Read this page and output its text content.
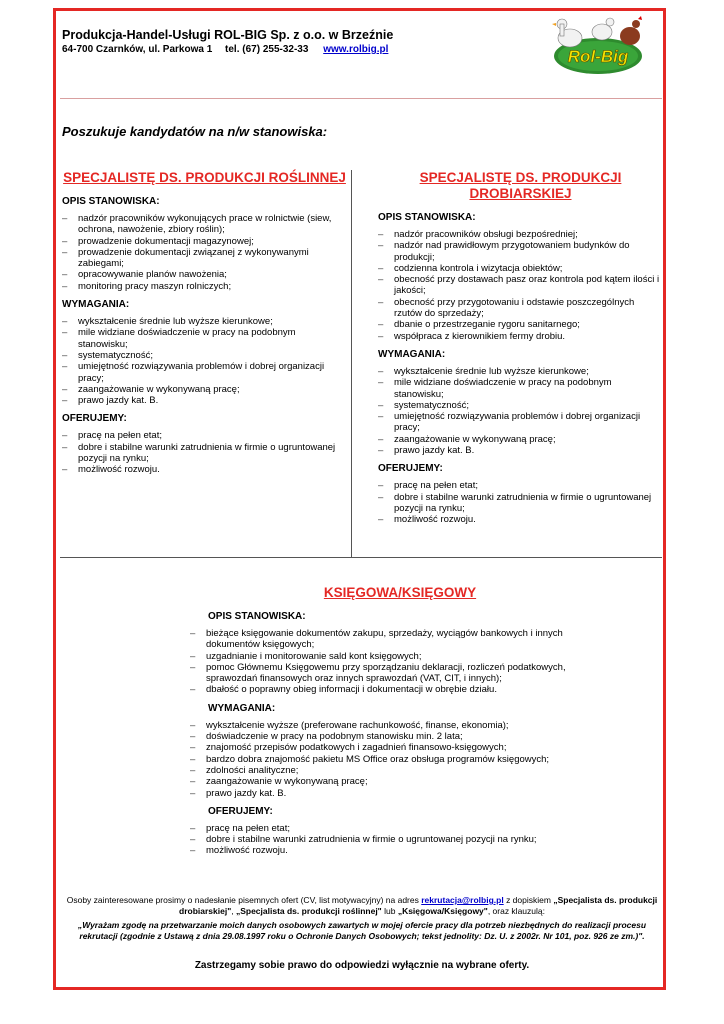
Produkcja-Handel-Usługi ROL-BIG Sp. z o.o. w Brzeźnie
64-700 Czarnków, ul. Parkowa 1 tel. (67) 255-32-33 www.rolbig.pl	Rol-Big
Poszukuje kandydatów na n/w stanowiska:
SPECJALISTĘ DS. PRODUKCJI ROŚLINNEJ
OPIS STANOWISKA:
– nadzór pracowników wykonujących prace w rolnictwie (siew, ochrona, nawożenie, zbiory roślin);
– prowadzenie dokumentacji magazynowej;
– prowadzenie dokumentacji związanej z wykonywanymi zabiegami;
– opracowywanie planów nawożenia;
– monitoring pracy maszyn rolniczych;
WYMAGANIA:
– wykształcenie średnie lub wyższe kierunkowe;
– mile widziane doświadczenie w pracy na podobnym stanowisku;
– systematyczność;
– umiejętność rozwiązywania problemów i dobrej organizacji pracy;
– zaangażowanie w wykonywaną pracę;
– prawo jazdy kat. B.
OFERUJEMY:
– pracę na pełen etat;
– dobre i stabilne warunki zatrudnienia w firmie o ugruntowanej pozycji na rynku;
– możliwość rozwoju.
SPECJALISTĘ DS. PRODUKCJI DROBIARSKIEJ
OPIS STANOWISKA:
– nadzór pracowników obsługi bezpośredniej;
– nadzór nad prawidłowym przygotowaniem budynków do produkcji;
– codzienna kontrola i wizytacja obiektów;
– obecność przy dostawach pasz oraz kontrola pod kątem ilości i jakości;
– obecność przy przygotowaniu i odstawie poszczególnych rzutów do sprzedaży;
– dbanie o przestrzeganie rygoru sanitarnego;
– współpraca z kierownikiem fermy drobiu.
WYMAGANIA:
– wykształcenie średnie lub wyższe kierunkowe;
– mile widziane doświadczenie w pracy na podobnym stanowisku;
– systematyczność;
– umiejętność rozwiązywania problemów i dobrej organizacji pracy;
– zaangażowanie w wykonywaną pracę;
– prawo jazdy kat. B.
OFERUJEMY:
– pracę na pełen etat;
– dobre i stabilne warunki zatrudnienia w firmie o ugruntowanej pozycji na rynku;
– możliwość rozwoju.
KSIĘGOWA/KSIĘGOWY
OPIS STANOWISKA:
– bieżące księgowanie dokumentów zakupu, sprzedaży, wyciągów bankowych i innych dokumentów księgowych;
– uzgadnianie i monitorowanie sald kont księgowych;
– pomoc Głównemu Księgowemu przy sporządzaniu deklaracji, rozliczeń podatkowych, sprawozdań finansowych oraz innych sprawozdań (VAT, CIT, i innych);
– dbałość o poprawny obieg informacji i dokumentacji w obrębie działu.
WYMAGANIA:
– wykształcenie wyższe (preferowane rachunkowość, finanse, ekonomia);
– doświadczenie w pracy na podobnym stanowisku min. 2 lata;
– znajomość przepisów podatkowych i zagadnień finansowo-księgowych;
– bardzo dobra znajomość pakietu MS Office oraz obsługa programów księgowych;
– zdolności analityczne;
– zaangażowanie w wykonywaną pracę;
– prawo jazdy kat. B.
OFERUJEMY:
– pracę na pełen etat;
– dobre i stabilne warunki zatrudnienia w firmie o ugruntowanej pozycji na rynku;
– możliwość rozwoju.
Osoby zainteresowane prosimy o nadesłanie pisemnych ofert (CV, list motywacyjny) na adres rekrutacja@rolbig.pl z dopiskiem „Specjalista ds. produkcji drobiarskiej", „Specjalista ds. produkcji roślinnej" lub „Księgowa/Księgowy", oraz klauzulą:
„Wyrażam zgodę na przetwarzanie moich danych osobowych zawartych w mojej ofercie pracy dla potrzeb niezbędnych do realizacji procesu rekrutacji (zgodnie z Ustawą z dnia 29.08.1997 roku o Ochronie Danych Osobowych; tekst jednolity: Dz. U. z 2002r. Nr 101, poz. 926 ze zm.)".
Zastrzegamy sobie prawo do odpowiedzi wyłącznie na wybrane oferty.
